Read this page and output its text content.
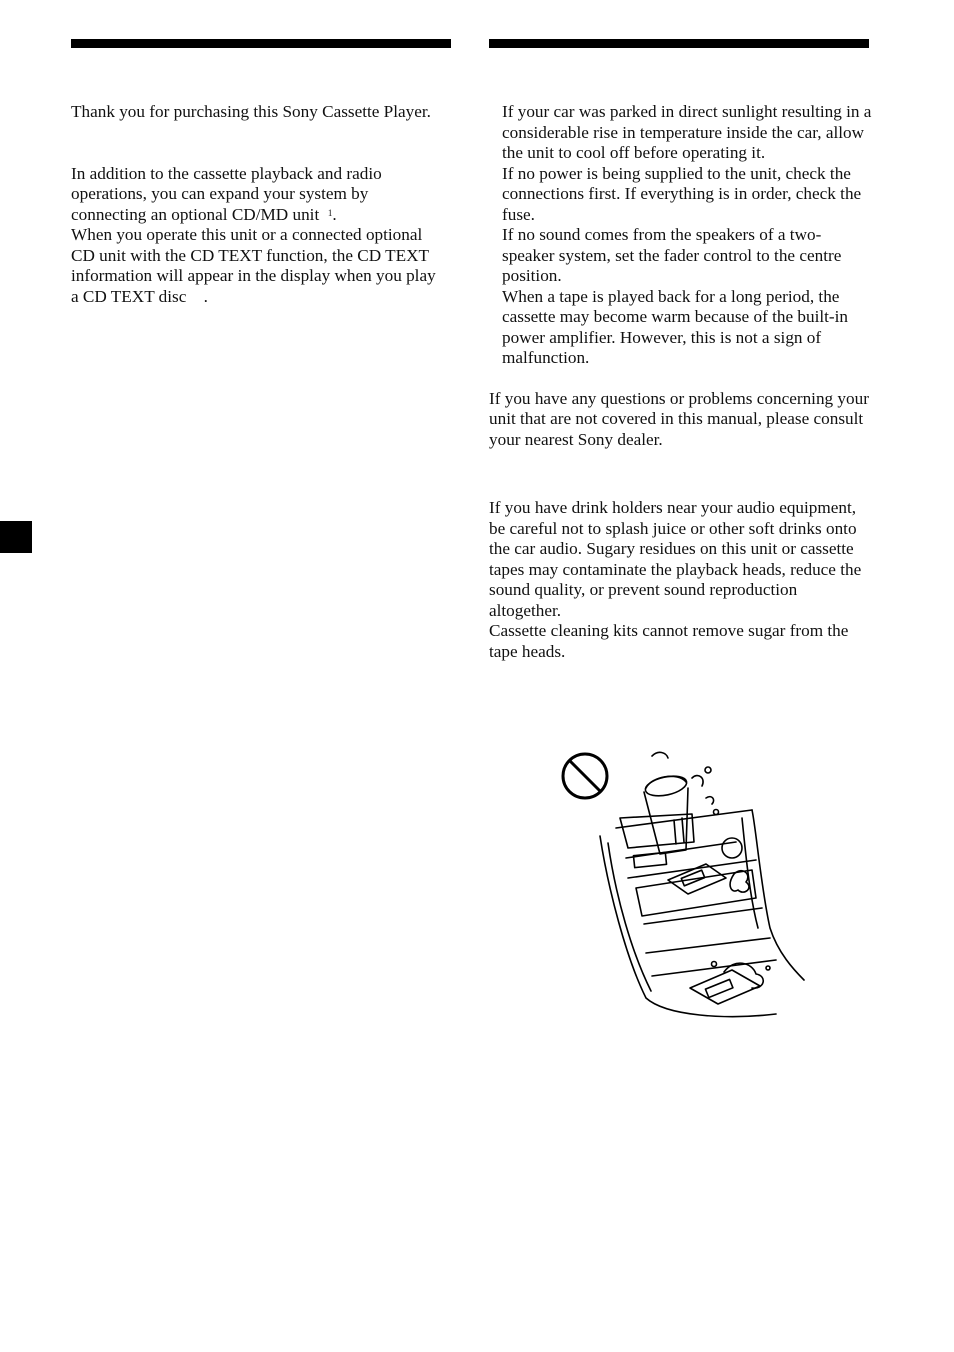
Thank you for purchasing this Sony Cassette Player.

In addition to the cassette playback and radio operations, you can expand your system by connecting an optional CD/MD unit $^1$.

When you operate this unit or a connected optional CD unit with the CD TEXT function, the CD TEXT information will appear in the display when you play a CD TEXT disc .

If your car was parked in direct sunlight resulting in a considerable rise in temperature inside the car, allow the unit to cool off before operating it.

If no power is being supplied to the unit, check the connections first. If everything is in order, check the fuse.

If no sound comes from the speakers of a two-speaker system, set the fader control to the centre position.

When a tape is played back for a long period, the cassette may become warm because of the built-in power amplifier. However, this is not a sign of malfunction.

If you have any questions or problems concerning your unit that are not covered in this manual, please consult your nearest Sony dealer.

If you have drink holders near your audio equipment, be careful not to splash juice or other soft drinks onto the car audio. Sugary residues on this unit or cassette tapes may contaminate the playback heads, reduce the sound quality, or prevent sound reproduction altogether.

Cassette cleaning kits cannot remove sugar from the tape heads.
